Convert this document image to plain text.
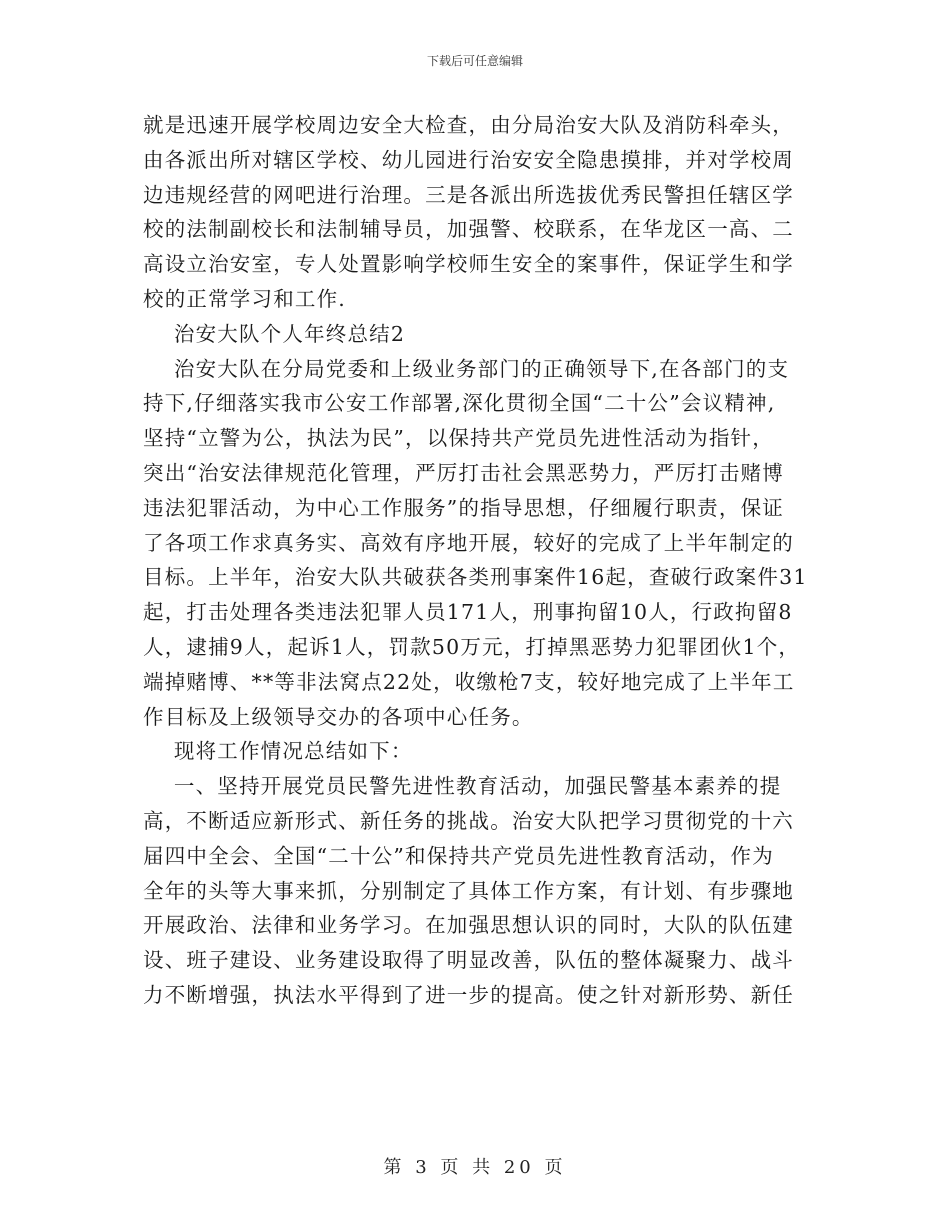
下载后可任意编辑
就是迅速开展学校周边安全大检查，由分局治安大队及消防科牵头，
由各派出所对辖区学校、幼儿园进行治安安全隐患摸排，并对学校周
边违规经营的网吧进行治理。三是各派出所选拔优秀民警担任辖区学
校的法制副校长和法制辅导员，加强警、校联系，在华龙区一高、二
高设立治安室，专人处置影响学校师生安全的案事件，保证学生和学
校的正常学习和工作.
治安大队个人年终总结2
治安大队在分局党委和上级业务部门的正确领导下,在各部门的支
持下,仔细落实我市公安工作部署,深化贯彻全国“二十公”会议精神,
坚持“立警为公，执法为民”，以保持共产党员先进性活动为指针，
突出“治安法律规范化管理，严厉打击社会黑恶势力，严厉打击赌博
违法犯罪活动，为中心工作服务”的指导思想，仔细履行职责，保证
了各项工作求真务实、高效有序地开展，较好的完成了上半年制定的
目标。上半年，治安大队共破获各类刑事案件16起，查破行政案件31
起，打击处理各类违法犯罪人员171人，刑事拘留10人，行政拘留8
人，逮捕9人，起诉1人，罚款50万元，打掉黑恶势力犯罪团伙1个，
端掉赌博、**等非法窝点22处，收缴枪7支，较好地完成了上半年工
作目标及上级领导交办的各项中心任务。
现将工作情况总结如下：
一、坚持开展党员民警先进性教育活动，加强民警基本素养的提
高，不断适应新形式、新任务的挑战。治安大队把学习贯彻党的十六
届四中全会、全国“二十公”和保持共产党员先进性教育活动，作为
全年的头等大事来抓，分别制定了具体工作方案，有计划、有步骤地
开展政治、法律和业务学习。在加强思想认识的同时，大队的队伍建
设、班子建设、业务建设取得了明显改善，队伍的整体凝聚力、战斗
力不断增强，执法水平得到了进一步的提高。使之针对新形势、新任
第 3 页 共 20 页
